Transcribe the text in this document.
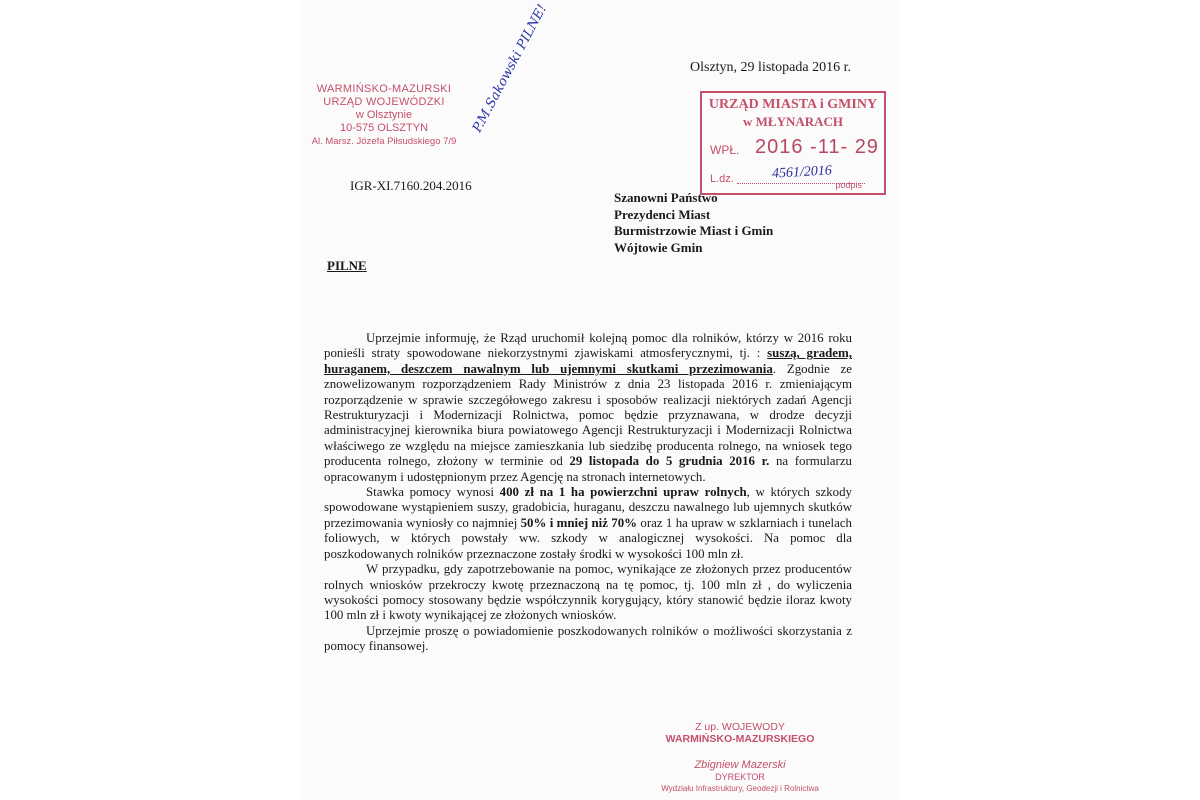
Olsztyn, 29 listopada 2016 r.
WARMIŃSKO-MAZURSKI
URZĄD WOJEWÓDZKI
w Olsztynie
10-575 OLSZTYN
Al. Marsz. Józefa Piłsudskiego 7/9
URZĄD MIASTA i GMINY
w MŁYNARACH
WPŁ. 2016 -11- 29
L.dz.	4561/2016
podpis
P.M.Sakowski PILNE!
IGR-XI.7160.204.2016
Szanowni Państwo
Prezydenci Miast
Burmistrzowie Miast i Gmin
Wójtowie Gmin
PILNE

Uprzejmie informuję, że Rząd uruchomił kolejną pomoc dla rolników, którzy w 2016 roku ponieśli straty spowodowane niekorzystnymi zjawiskami atmosferycznymi, tj. : suszą, gradem, huraganem, deszczem nawalnym lub ujemnymi skutkami przezimowania. Zgodnie ze znowelizowanym rozporządzeniem Rady Ministrów z dnia 23 listopada 2016 r. zmieniającym rozporządzenie w sprawie szczegółowego zakresu i sposobów realizacji niektórych zadań Agencji Restrukturyzacji i Modernizacji Rolnictwa, pomoc będzie przyznawana, w drodze decyzji administracyjnej kierownika biura powiatowego Agencji Restrukturyzacji i Modernizacji Rolnictwa właściwego ze względu na miejsce zamieszkania lub siedzibę producenta rolnego, na wniosek tego producenta rolnego, złożony w terminie od 29 listopada do 5 grudnia 2016 r. na formularzu opracowanym i udostępnionym przez Agencję na stronach internetowych.

Stawka pomocy wynosi 400 zł na 1 ha powierzchni upraw rolnych, w których szkody spowodowane wystąpieniem suszy, gradobicia, huraganu, deszczu nawalnego lub ujemnych skutków przezimowania wyniosły co najmniej 50% i mniej niż 70% oraz 1 ha upraw w szklarniach i tunelach foliowych, w których powstały ww. szkody w analogicznej wysokości. Na pomoc dla poszkodowanych rolników przeznaczone zostały środki w wysokości 100 mln zł.

W przypadku, gdy zapotrzebowanie na pomoc, wynikające ze złożonych przez producentów rolnych wniosków przekroczy kwotę przeznaczoną na tę pomoc, tj. 100 mln zł , do wyliczenia wysokości pomocy stosowany będzie współczynnik korygujący, który stanowić będzie iloraz kwoty 100 mln zł i kwoty wynikającej ze złożonych wniosków.

Uprzejmie proszę o powiadomienie poszkodowanych rolników o możliwości skorzystania z pomocy finansowej.

Z up. WOJEWODY
WARMIŃSKO-MAZURSKIEGO
Zbigniew Mazerski
DYREKTOR
Wydziału Infrastruktury, Geodezji i Rolnictwa
